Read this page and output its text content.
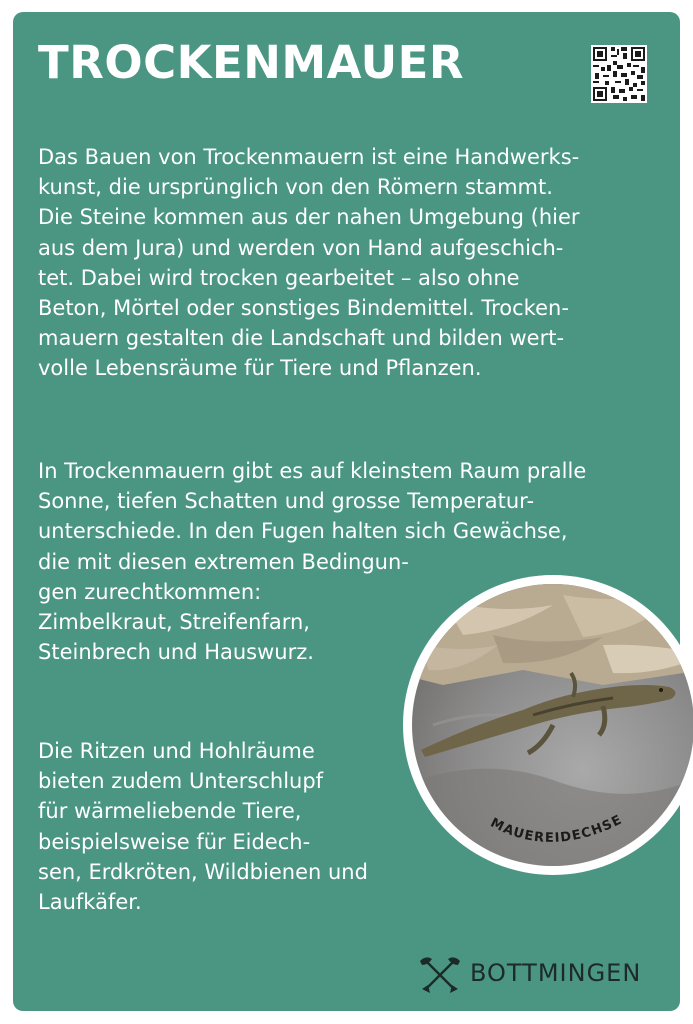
TROCKENMAUER

Das Bauen von Trockenmauern ist eine Handwerks-
kunst, die ursprünglich von den Römern stammt.
Die Steine kommen aus der nahen Umgebung (hier
aus dem Jura) und werden von Hand aufgeschich-
tet. Dabei wird trocken gearbeitet – also ohne
Beton, Mörtel oder sonstiges Bindemittel. Trocken-
mauern gestalten die Landschaft und bilden wert-
volle Lebensräume für Tiere und Pflanzen.

In Trockenmauern gibt es auf kleinstem Raum pralle
Sonne, tiefen Schatten und grosse Temperatur-
unterschiede. In den Fugen halten sich Gewächse,
die mit diesen extremen Bedingun-
gen zurechtkommen:
Zimbelkraut, Streifenfarn,
Steinbrech und Hauswurz.

Die Ritzen und Hohlräume
bieten zudem Unterschlupf
für wärmeliebende Tiere,
beispielsweise für Eidech-
sen, Erdkröten, Wildbienen und
Laufkäfer.

MAUEREIDECHSE
BOTTMINGEN
